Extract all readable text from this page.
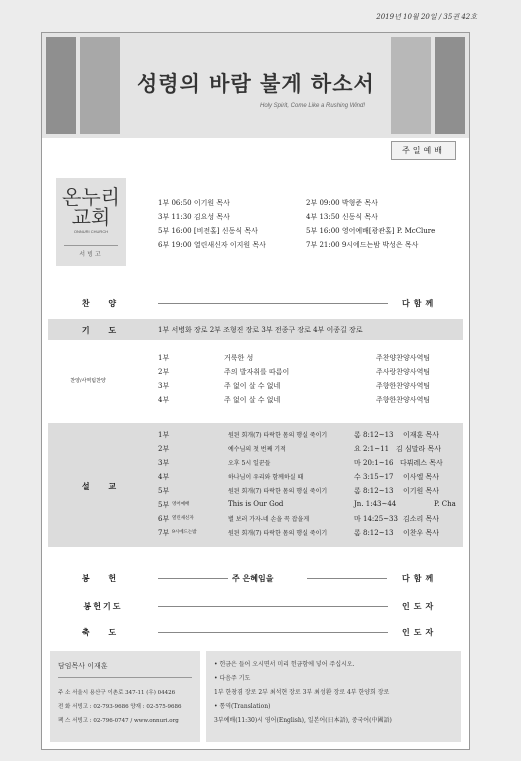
2019년 10월 20일 / 35권 42호
성령의 바람 불게 하소서
Holy Spirit, Come Like a Rushing Wind!
주일예배
온누리교회
ONNURI CHURCH
서빙고
1부 06:50 이기원 목사	2부 09:00 박형준 목사
3부 11:30 김요성 목사	4부 13:50 신동식 목사
5부 16:00 [비전홀] 신동식 목사	5부 16:00 영어예배[광관홀] P. McClure
6부 19:00 열린새신자 이지원 목사	7부 21:00 9시에드는밤 박성은 목사
찬 양	다함께
기 도	1부 서병화 장로 2부 조형진 장로 3부 전종구 장로 4부 이종길 장로
찬양/사역팀찬양
1부	거룩한 성	주찬양찬양사역팀
2부	주의 발자취를 따름이	주사랑찬양사역팀
3부	주 없이 살 수 없네	주향한찬양사역팀
4부	주 없이 살 수 없네	주향한찬양사역팀
설 교
1부	원된 회개(7) 타락한 몸의 행실 죽이기	롬 8:12~13 이재훈 목사
2부	예수님의 첫 번째 기적	요 2:1~11 김 심말라 목사
3부	오후 5시 일꾼들	마 20:1~16 다뷔레스 목사
4부	하나님이 우리와 함께하실 때	수 3:15~17 이사엘 목사
5부	원된 회개(7) 타락한 몸의 행실 죽이기	롬 8:12~13 이기원 목사
5부 영어예배	This is Our God	Jn. 1:43~44	P. Cha
6부 열린새신자	별 보러 가자-네 손을 꼭 잡을게	마 14:25~33 김소리 목사
7부 9시에드는밤	원된 회개(7) 타락한 몸의 행실 죽이기	롬 8:12~13 이찬우 목사
봉 헌	주 은혜임을	다함께
봉헌기도	인도자
축 도	인도자
담임목사 이재훈
주 소 서울시 용산구 이촌로 347-11 (우) 04426
전 화 서빙고 : 02-793-9686 양재 : 02-575-9686
팩 스 서빙고 : 02-796-0747 / www.onnuri.org
• 헌금은 들어 오시면서 미리 헌금함에 넣어 주십시오.
• 다음주 기도
1부 한창겸 장로 2부 최석현 장로 3부 최성환 장로 4부 한양희 장로
• 통역(Translation)
3부예배(11:30)시 영어(English), 일본어(日本語), 중국어(中國語)
